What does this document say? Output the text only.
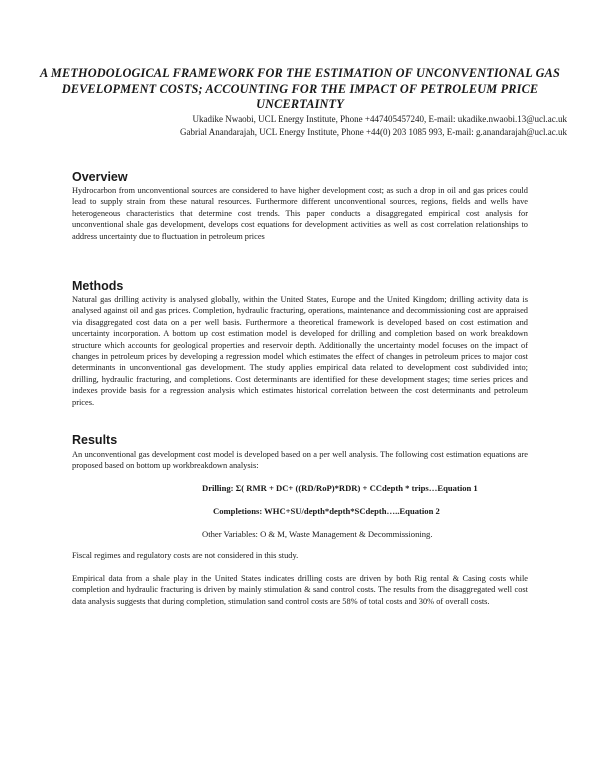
A METHODOLOGICAL FRAMEWORK FOR THE ESTIMATION OF UNCONVENTIONAL GAS DEVELOPMENT COSTS; ACCOUNTING FOR THE IMPACT OF PETROLEUM PRICE UNCERTAINTY
Ukadike Nwaobi, UCL Energy Institute, Phone +447405457240, E-mail: ukadike.nwaobi.13@ucl.ac.uk
Gabrial Anandarajah, UCL Energy Institute, Phone +44(0) 203 1085 993, E-mail: g.anandarajah@ucl.ac.uk
Overview
Hydrocarbon from unconventional sources are considered to have higher development cost; as such a drop in oil and gas prices could lead to supply strain from these natural resources. Furthermore different unconventional sources, regions, fields and wells have heterogeneous characteristics that determine cost trends. This paper conducts a disaggregated empirical cost analysis for unconventional shale gas development, develops cost equations for development activities as well as cost correlation relationships to address uncertainty due to fluctuation in petroleum prices
Methods
Natural gas drilling activity is analysed globally, within the United States, Europe and the United Kingdom; drilling activity data is analysed against oil and gas prices. Completion, hydraulic fracturing, operations, maintenance and decommissioning cost are appraised via disaggregated cost data on a per well basis. Furthermore a theoretical framework is developed based on cost estimation and uncertainty incorporation. A bottom up cost estimation model is developed for drilling and completion based on work breakdown structure which accounts for geological properties and reservoir depth. Additionally the uncertainty model focuses on the impact of changes in petroleum prices by developing a regression model which estimates the effect of changes in petroleum prices to major cost determinants in unconventional gas development. The study applies empirical data related to development cost subdivided into; drilling, hydraulic fracturing, and completions. Cost determinants are identified for these development stages; time series prices and indexes provide basis for a regression analysis which estimates historical correlation between the cost determinants and petroleum prices.
Results
An unconventional gas development cost model is developed based on a per well analysis. The following cost estimation equations are proposed based on bottom up workbreakdown analysis:
Drilling: Σ( RMR + DC+ ((RD/RoP)*RDR) + CCdepth * trips…Equation 1
Completions: WHC+SU/depth*depth*SCdepth…..Equation 2
Other Variables: O & M, Waste Management & Decommissioning.
Fiscal regimes and regulatory costs are not considered in this study.
Empirical data from a shale play in the United States indicates drilling costs are driven by both Rig rental & Casing costs while completion and hydraulic fracturing is driven by mainly stimulation & sand control costs. The results from the disaggregated well cost data analysis suggests that during completion, stimulation sand control costs are 58% of total costs and 30% of overall costs.
